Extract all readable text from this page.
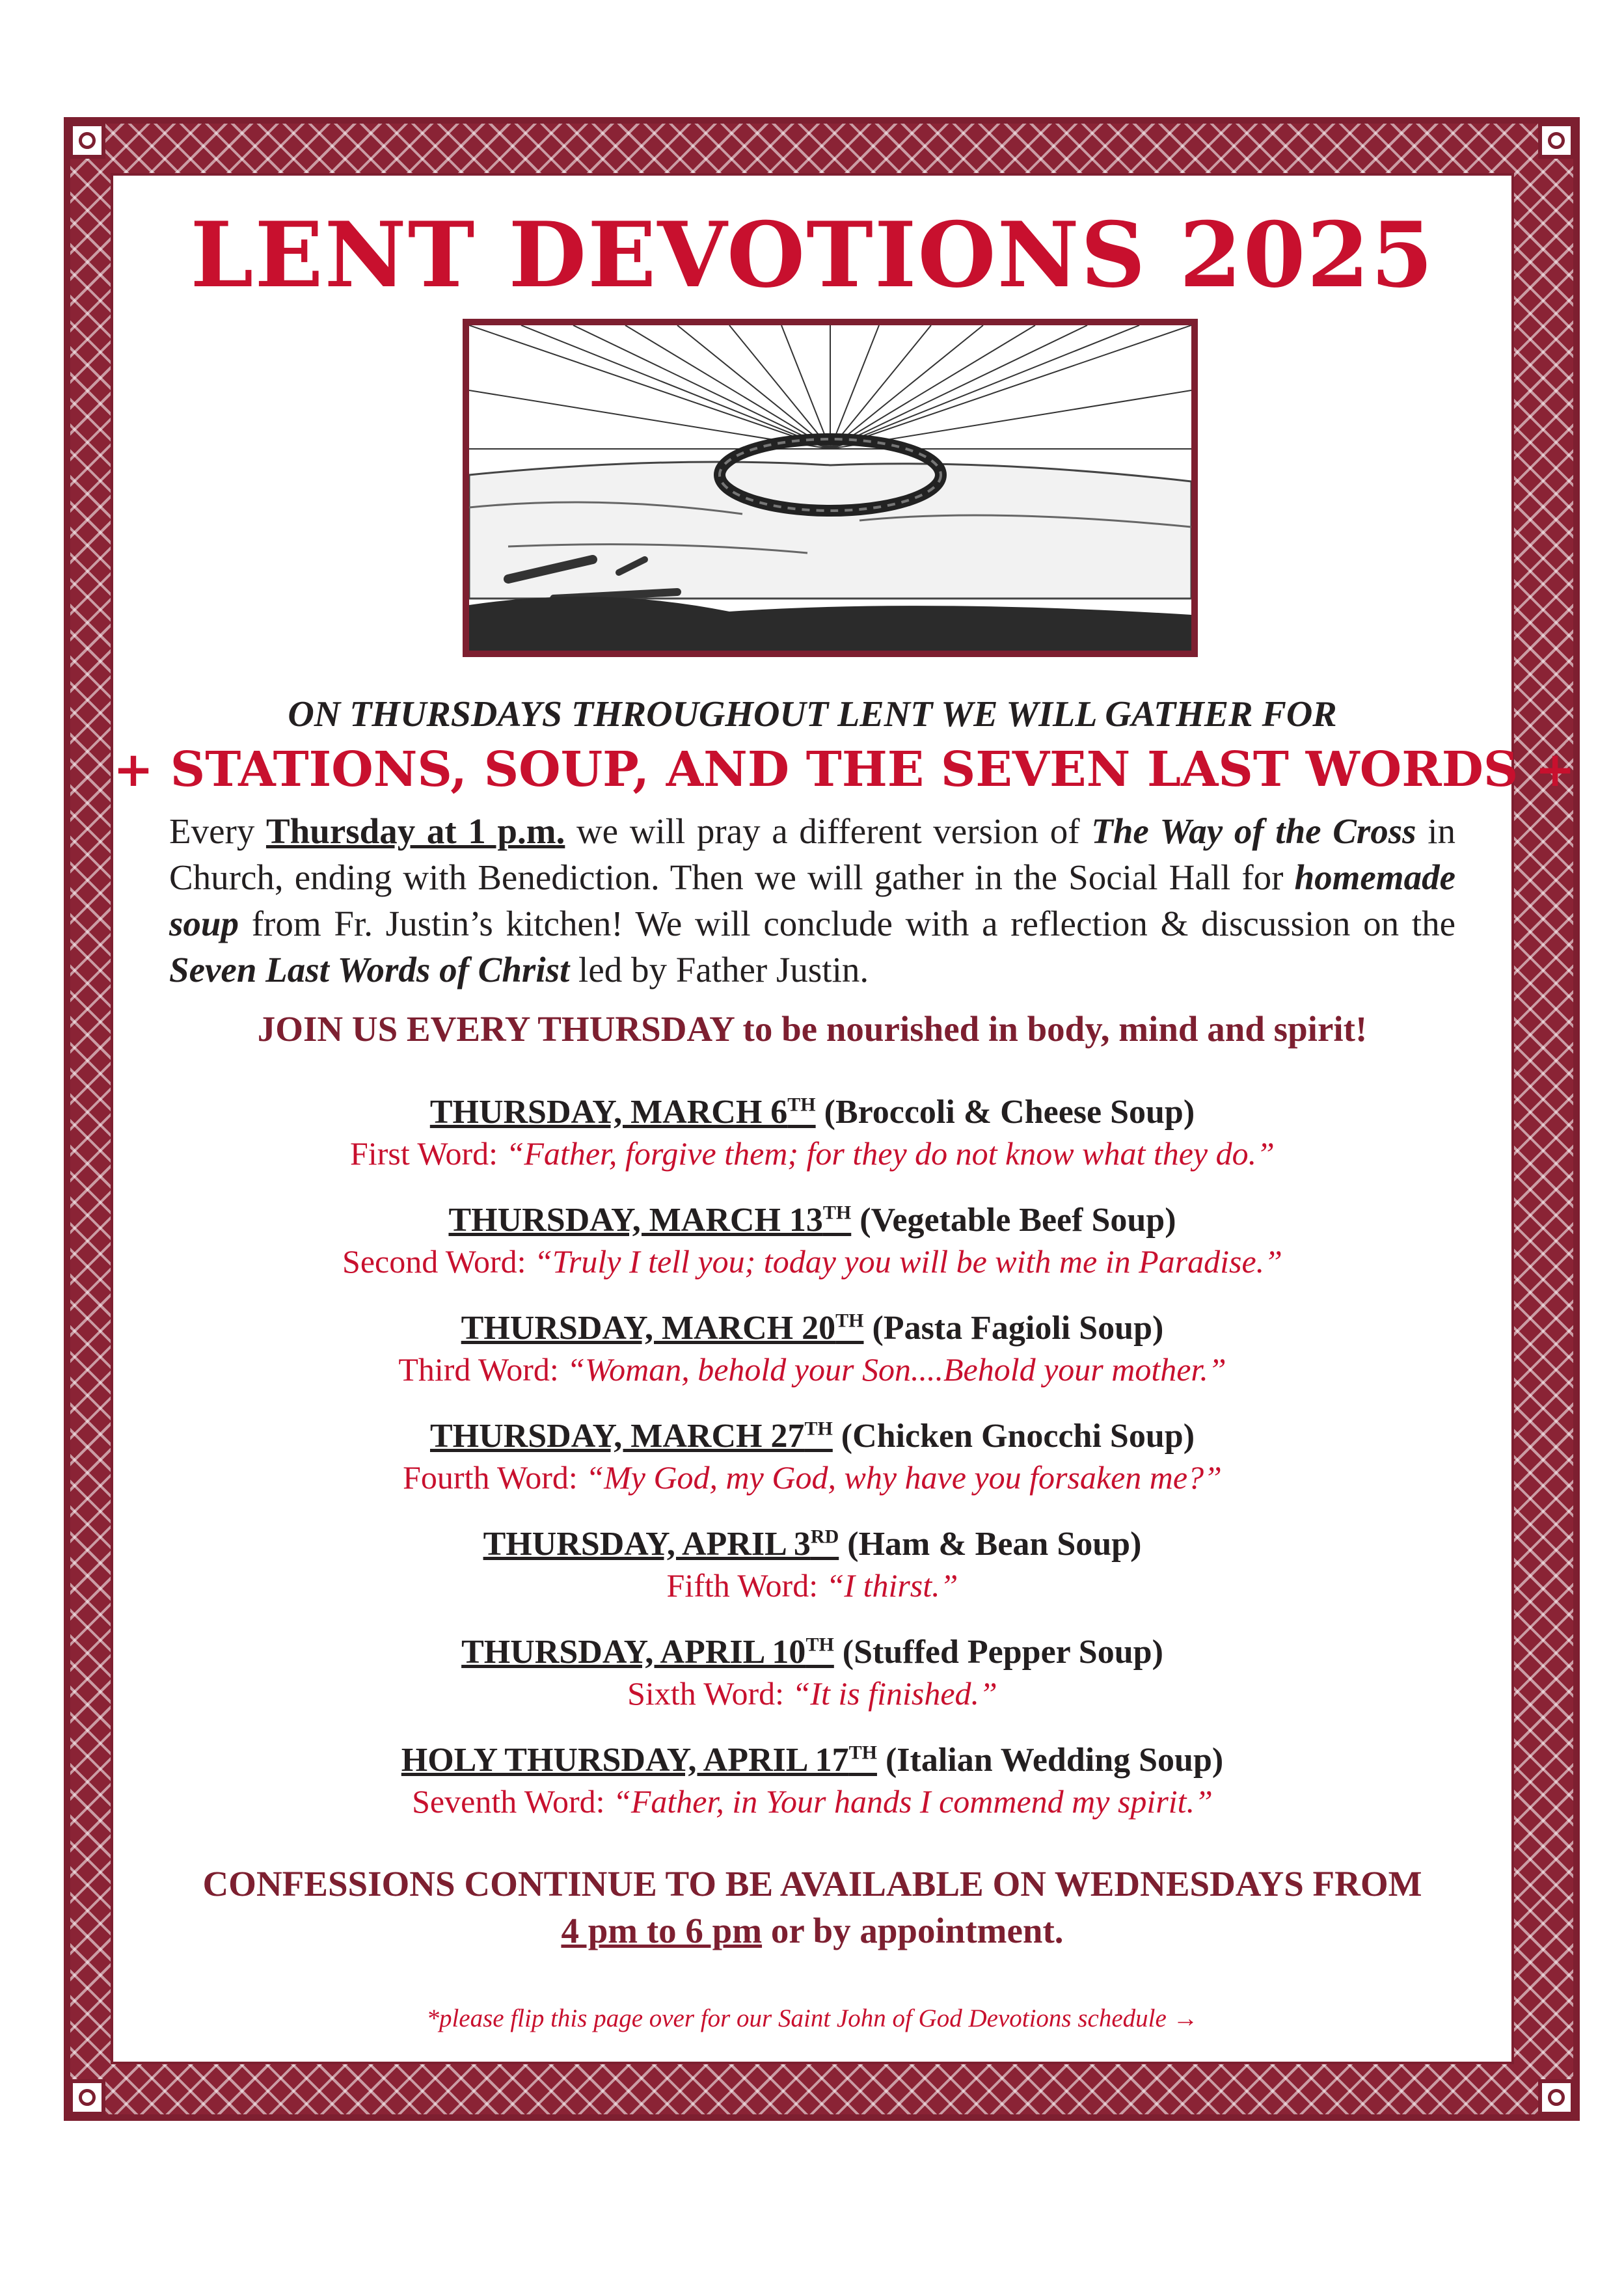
LENT DEVOTIONS 2025
ON THURSDAYS THROUGHOUT LENT WE WILL GATHER FOR
+ STATIONS, SOUP, AND THE SEVEN LAST WORDS +
Every Thursday at 1 p.m. we will pray a different version of The Way of the Cross in Church, ending with Benediction. Then we will gather in the Social Hall for homemade soup from Fr. Justin’s kitchen! We will conclude with a reflection & discussion on the Seven Last Words of Christ led by Father Justin.
JOIN US EVERY THURSDAY to be nourished in body, mind and spirit!
THURSDAY, MARCH 6TH (Broccoli & Cheese Soup)
First Word: “Father, forgive them; for they do not know what they do.”
THURSDAY, MARCH 13TH (Vegetable Beef Soup)
Second Word: “Truly I tell you; today you will be with me in Paradise.”
THURSDAY, MARCH 20TH (Pasta Fagioli Soup)
Third Word: “Woman, behold your Son....Behold your mother.”
THURSDAY, MARCH 27TH (Chicken Gnocchi Soup)
Fourth Word: “My God, my God, why have you forsaken me?”
THURSDAY, APRIL 3RD (Ham & Bean Soup)
Fifth Word: “I thirst.”
THURSDAY, APRIL 10TH (Stuffed Pepper Soup)
Sixth Word: “It is finished.”
HOLY THURSDAY, APRIL 17TH (Italian Wedding Soup)
Seventh Word: “Father, in Your hands I commend my spirit.”
CONFESSIONS CONTINUE TO BE AVAILABLE ON WEDNESDAYS FROM
4 pm to 6 pm or by appointment.
*please flip this page over for our Saint John of God Devotions schedule →
